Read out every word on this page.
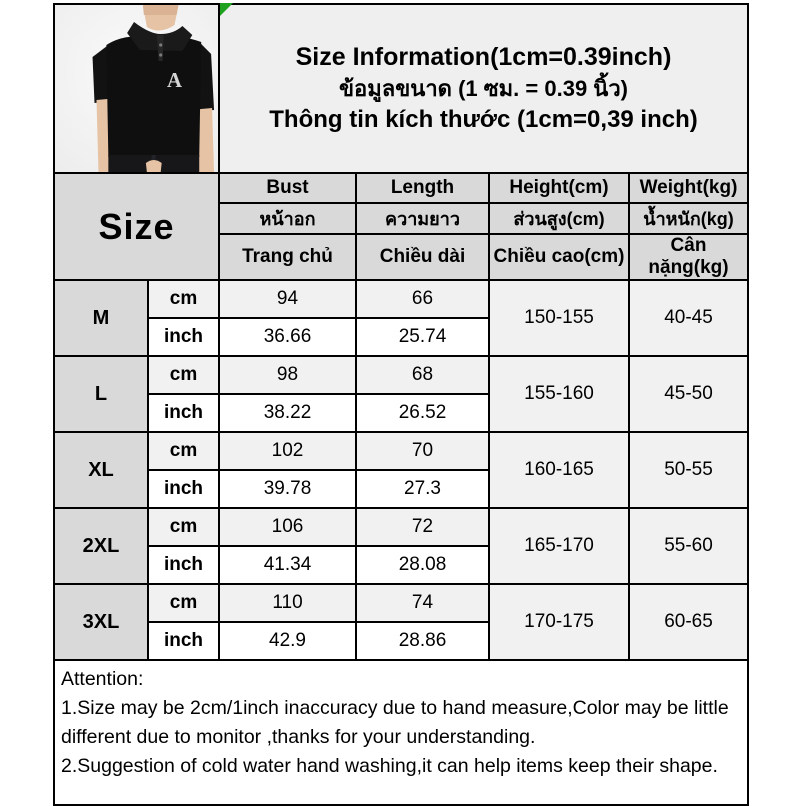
A		Size Information(1cm=0.39inch)
ข้อมูลขนาด (1 ซม. = 0.39 นิ้ว)
Thông tin kích thước (1cm=0,39 inch)			

Size		Bust	Length	Height(cm)	Weight(kg)
		หน้าอก	ความยาว	ส่วนสูง(cm)	น้ำหนัก(kg)
		Trang chủ	Chiều dài	Chiều cao(cm)	Cân nặng(kg)
M	cm	94	66	150-155	40-45
	inch	36.66	25.74		
L	cm	98	68	155-160	45-50
	inch	38.22	26.52		
XL	cm	102	70	160-165	50-55
	inch	39.78	27.3		
2XL	cm	106	72	165-170	55-60
	inch	41.34	28.08		
3XL	cm	110	74	170-175	60-65
	inch	42.9	28.86		

Attention:
1.Size may be 2cm/1inch inaccuracy due to hand measure,Color may be little different due to monitor ,thanks for your understanding.
2.Suggestion of cold water hand washing,it can help items keep their shape.					
